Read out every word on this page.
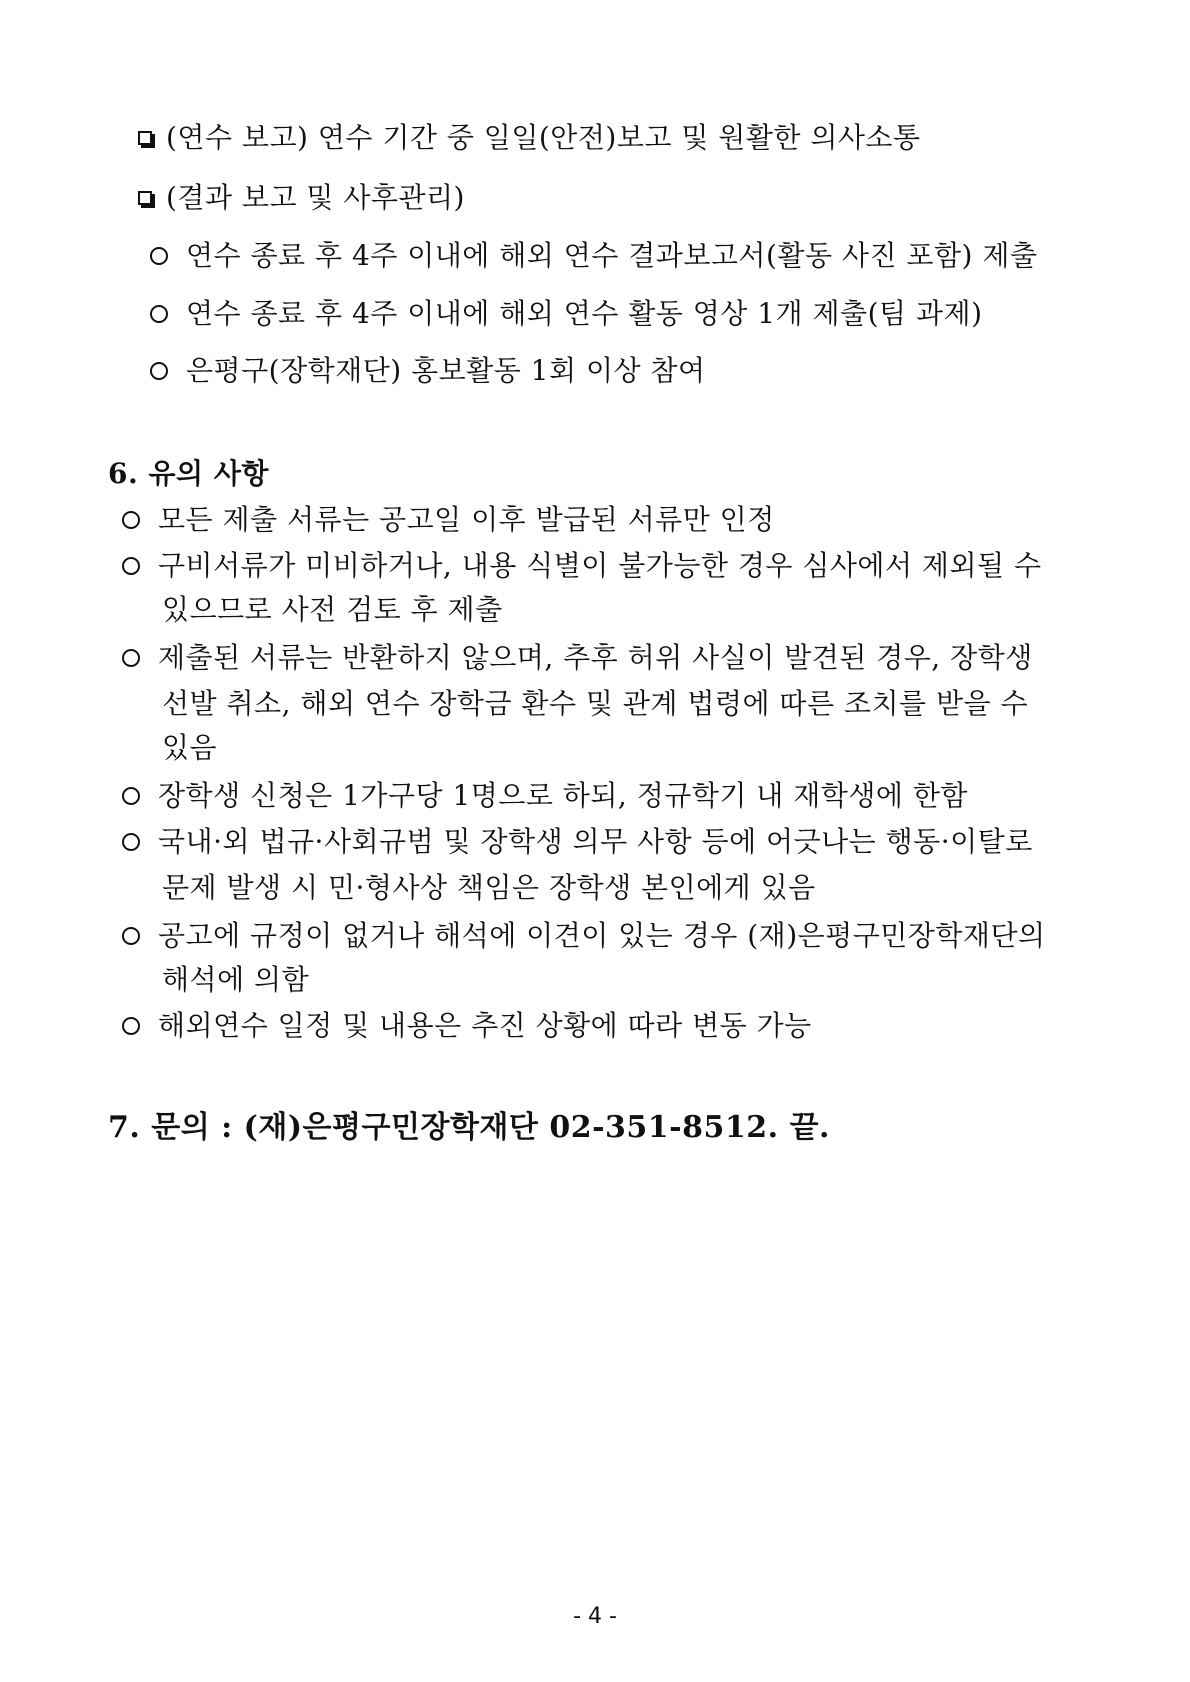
(연수 보고) 연수 기간 중 일일(안전)보고 및 원활한 의사소통
(결과 보고 및 사후관리)
연수 종료 후 4주 이내에 해외 연수 결과보고서(활동 사진 포함) 제출
연수 종료 후 4주 이내에 해외 연수 활동 영상 1개 제출(팀 과제)
은평구(장학재단) 홍보활동 1회 이상 참여
6. 유의 사항
모든 제출 서류는 공고일 이후 발급된 서류만 인정
구비서류가 미비하거나, 내용 식별이 불가능한 경우 심사에서 제외될 수
있으므로 사전 검토 후 제출
제출된 서류는 반환하지 않으며, 추후 허위 사실이 발견된 경우, 장학생
선발 취소, 해외 연수 장학금 환수 및 관계 법령에 따른 조치를 받을 수
있음
장학생 신청은 1가구당 1명으로 하되, 정규학기 내 재학생에 한함
국내·외 법규·사회규범 및 장학생 의무 사항 등에 어긋나는 행동·이탈로
문제 발생 시 민·형사상 책임은 장학생 본인에게 있음
공고에 규정이 없거나 해석에 이견이 있는 경우 (재)은평구민장학재단의
해석에 의함
해외연수 일정 및 내용은 추진 상황에 따라 변동 가능
7. 문의 : (재)은평구민장학재단 02-351-8512. 끝.
- 4 -
